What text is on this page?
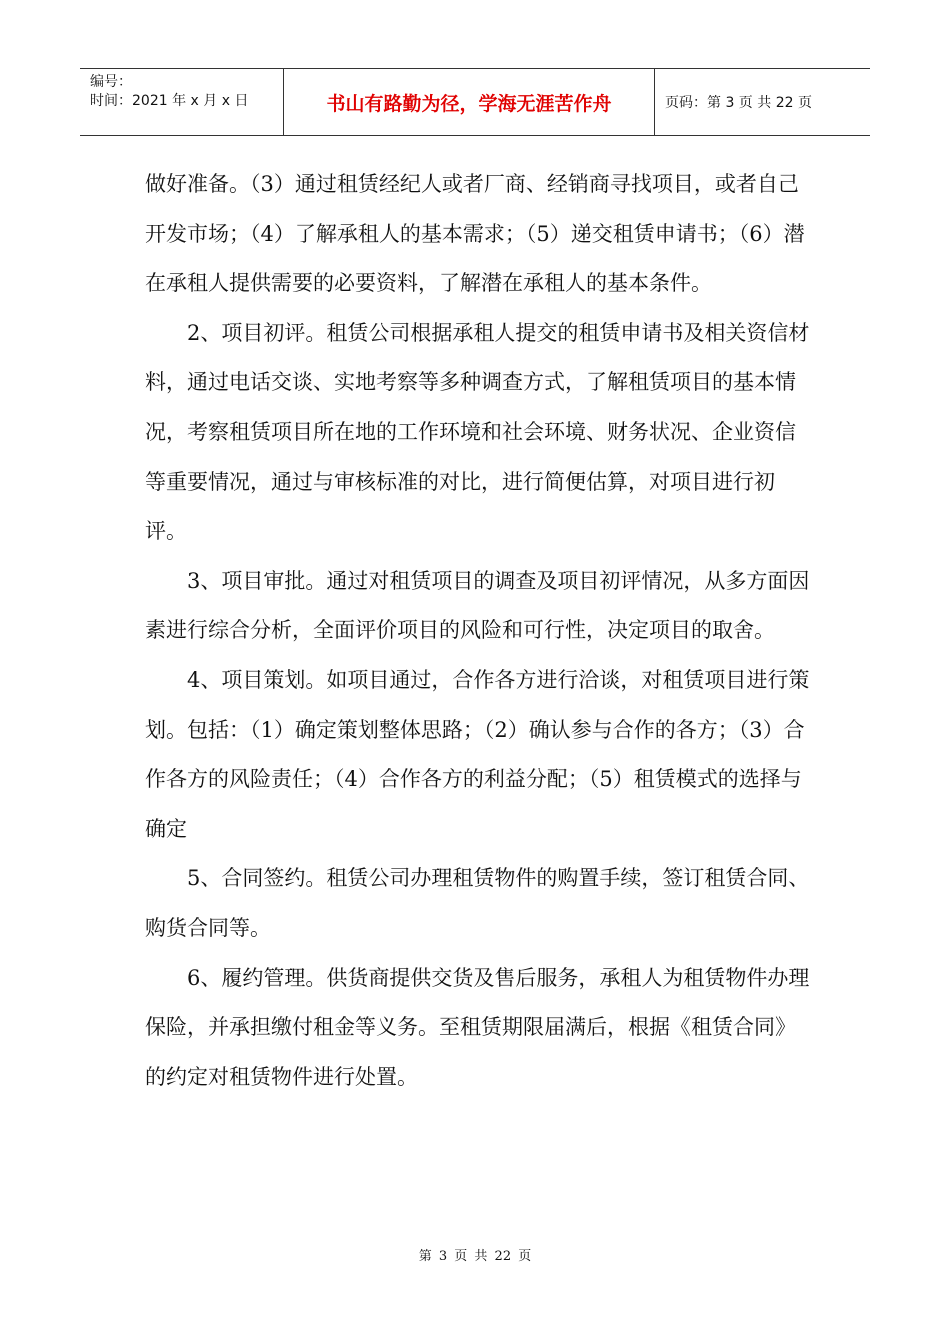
编号：
时间：2021 年 x 月 x 日	书山有路勤为径，学海无涯苦作舟	页码：第 3 页 共 22 页

做好准备。（3）通过租赁经纪人或者厂商、经销商寻找项目，或者自己开发市场；（4）了解承租人的基本需求；（5）递交租赁申请书；（6）潜在承租人提供需要的必要资料，了解潜在承租人的基本条件。

2、项目初评。租赁公司根据承租人提交的租赁申请书及相关资信材料，通过电话交谈、实地考察等多种调查方式，了解租赁项目的基本情况，考察租赁项目所在地的工作环境和社会环境、财务状况、企业资信等重要情况，通过与审核标准的对比，进行简便估算，对项目进行初评。

3、项目审批。通过对租赁项目的调查及项目初评情况，从多方面因素进行综合分析，全面评价项目的风险和可行性，决定项目的取舍。

4、项目策划。如项目通过，合作各方进行洽谈，对租赁项目进行策划。包括：（1）确定策划整体思路；（2）确认参与合作的各方；（3）合作各方的风险责任；（4）合作各方的利益分配；（5）租赁模式的选择与确定

5、合同签约。租赁公司办理租赁物件的购置手续，签订租赁合同、购货合同等。

6、履约管理。供货商提供交货及售后服务，承租人为租赁物件办理保险，并承担缴付租金等义务。至租赁期限届满后，根据《租赁合同》的约定对租赁物件进行处置。

第 3 页 共 22 页
